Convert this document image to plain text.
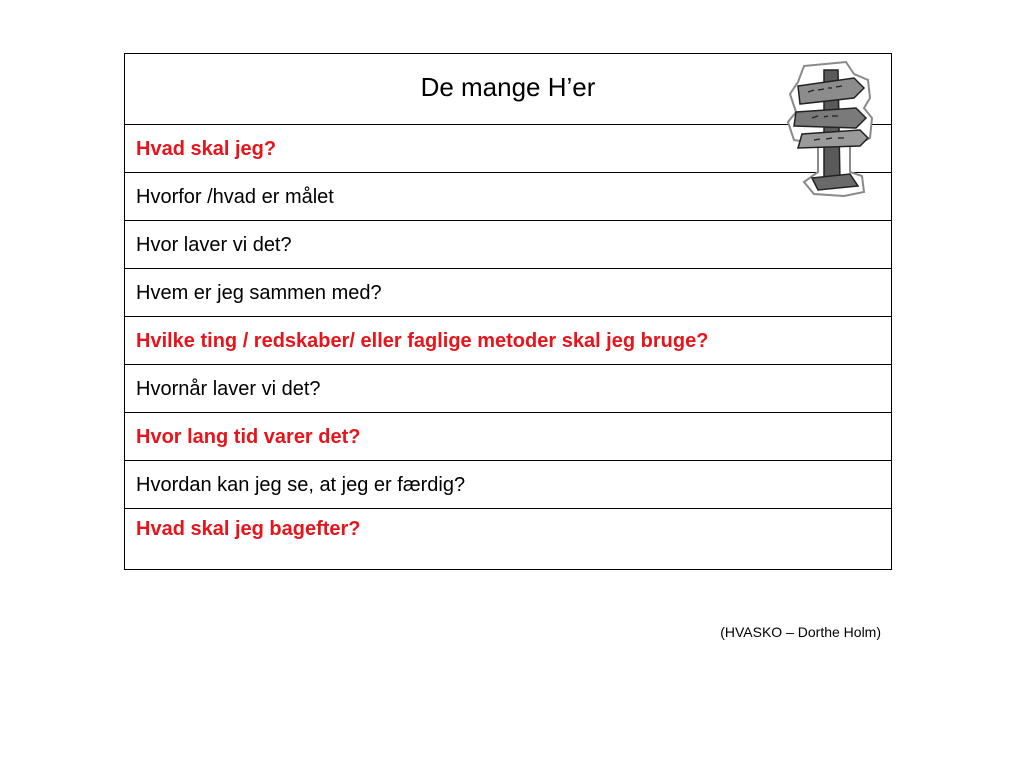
De mange H’er
Hvad skal jeg?
Hvorfor /hvad er målet
Hvor laver vi det?
Hvem er jeg sammen med?
Hvilke ting / redskaber/ eller faglige metoder skal jeg bruge?
Hvornår laver vi det?
Hvor lang tid varer det?
Hvordan kan jeg se, at jeg er færdig?
Hvad skal jeg bagefter?
(HVASKO – Dorthe Holm)
